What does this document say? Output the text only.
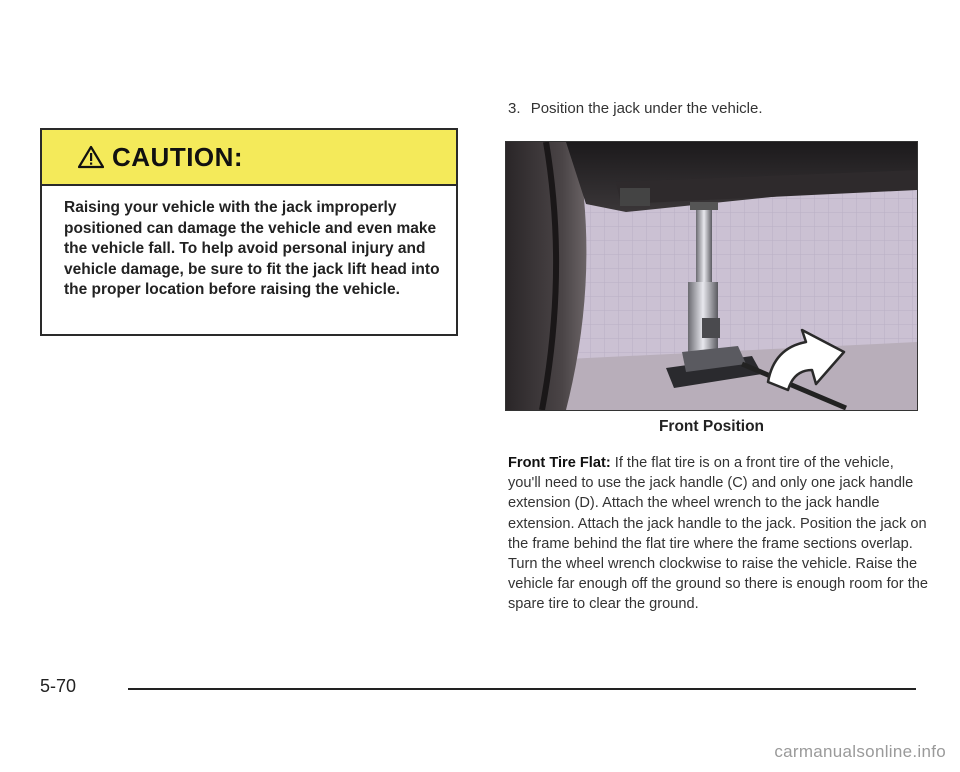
CAUTION:
Raising your vehicle with the jack improperly positioned can damage the vehicle and even make the vehicle fall. To help avoid personal injury and vehicle damage, be sure to fit the jack lift head into the proper location before raising the vehicle.
3. Position the jack under the vehicle.
Front Position
Front Tire Flat: If the flat tire is on a front tire of the vehicle, you'll need to use the jack handle (C) and only one jack handle extension (D). Attach the wheel wrench to the jack handle extension. Attach the jack handle to the jack. Position the jack on the frame behind the flat tire where the frame sections overlap. Turn the wheel wrench clockwise to raise the vehicle. Raise the vehicle far enough off the ground so there is enough room for the spare tire to clear the ground.
5-70
carmanualsonline.info
